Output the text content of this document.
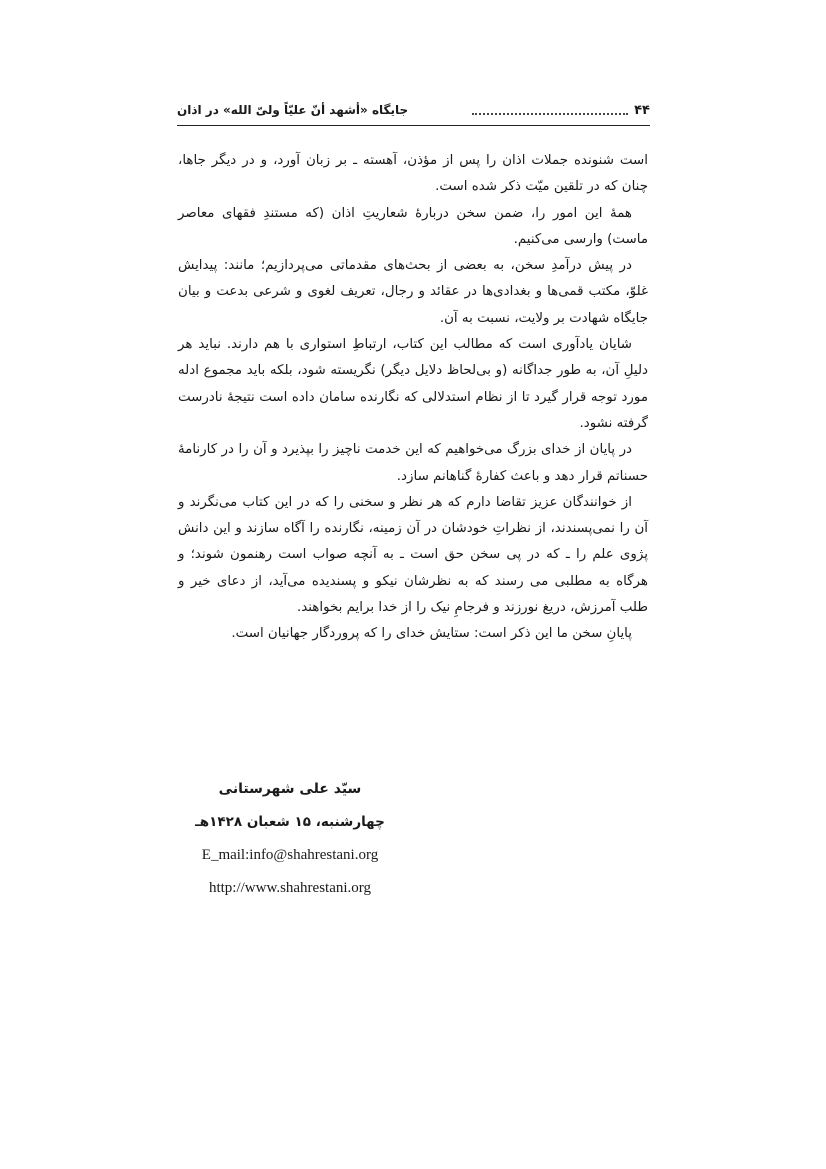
۴۴
جایگاه «أشهد أنّ علیّاً ولیّ الله» در اذان

است شنونده جملات اذان را پس از مؤذن، آهسته ـ بر زبان آورد، و در دیگر جاها، چنان که در تلقین میّت ذکر شده است.

همهٔ این امور را، ضمن سخن دربارهٔ شعاریتِ اذان (که مستندِ فقهای معاصر ماست) وارسی می‌کنیم.

در پیش درآمدِ سخن، به بعضی از بحث‌های مقدماتی می‌پردازیم؛ مانند: پیدایش غلوّ، مکتب قمی‌ها و بغدادی‌ها در عقائد و رجال، تعریف لغوی و شرعی بدعت و بیان جایگاه شهادت بر ولایت، نسبت به آن.

شایان یادآوری است که مطالب این کتاب، ارتباطِ استواری با هم دارند. نباید هر دلیلِ آن، به طور جداگانه (و بی‌لحاظ دلایل دیگر) نگریسته شود، بلکه باید مجموع ادله مورد توجه قرار گیرد تا از نظام استدلالی که نگارنده سامان داده است نتیجهٔ نادرست گرفته نشود.

در پایان از خدای بزرگ می‌خواهیم که این خدمت ناچیز را بپذیرد و آن را در کارنامهٔ حسناتم قرار دهد و باعث کفارهٔ گناهانم سازد.

از خوانندگان عزیز تقاضا دارم که هر نظر و سخنی را که در این کتاب می‌نگرند و آن را نمی‌پسندند، از نظراتِ خودشان در آن زمینه، نگارنده را آگاه سازند و این دانش پژوی علم را ـ که در پی سخن حق است ـ به آنچه صواب است رهنمون شوند؛ و هرگاه به مطلبی می رسند که به نظرشان نیکو و پسندیده می‌آید، از دعای خیر و طلب آمرزش، دریغ نورزند و فرجامِ نیک را از خدا برایم بخواهند.

پایانِ سخن ما این ذکر است: ستایش خدای را که پروردگار جهانیان است.

سیّد علی شهرستانی
چهارشنبه، ۱۵ شعبان ۱۴۲۸هـ
E_mail:info@shahrestani.org
http://www.shahrestani.org
